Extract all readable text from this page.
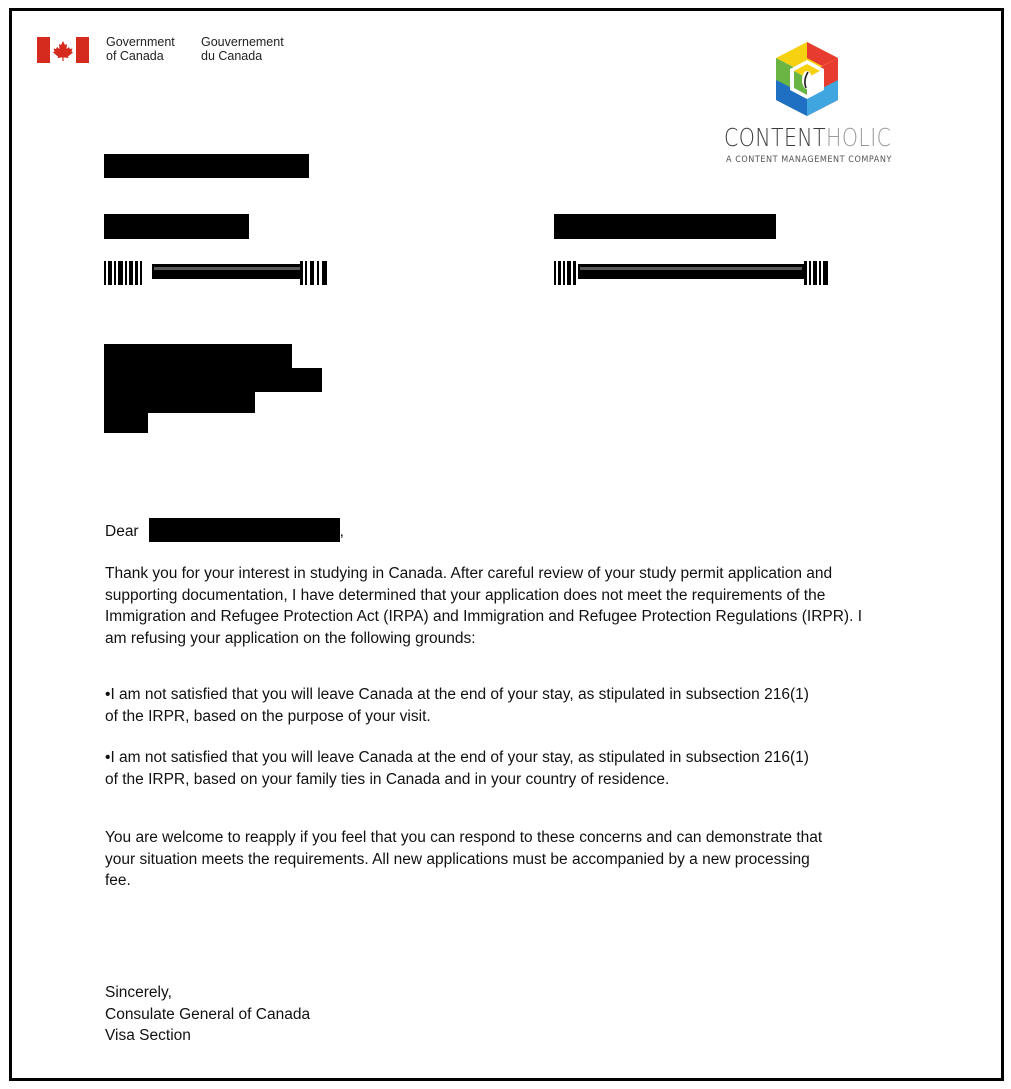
Government
of Canada
Gouvernement
du Canada
CONTENTHOLIC
A CONTENT MANAGEMENT COMPANY
Dear	,
Thank you for your interest in studying in Canada. After careful review of your study permit application and supporting documentation, I have determined that your application does not meet the requirements of the Immigration and Refugee Protection Act (IRPA) and Immigration and Refugee Protection Regulations (IRPR). I am refusing your application on the following grounds:
•I am not satisfied that you will leave Canada at the end of your stay, as stipulated in subsection 216(1) of the IRPR, based on the purpose of your visit.
•I am not satisfied that you will leave Canada at the end of your stay, as stipulated in subsection 216(1) of the IRPR, based on your family ties in Canada and in your country of residence.
You are welcome to reapply if you feel that you can respond to these concerns and can demonstrate that your situation meets the requirements. All new applications must be accompanied by a new processing fee.
Sincerely,
Consulate General of Canada
Visa Section
